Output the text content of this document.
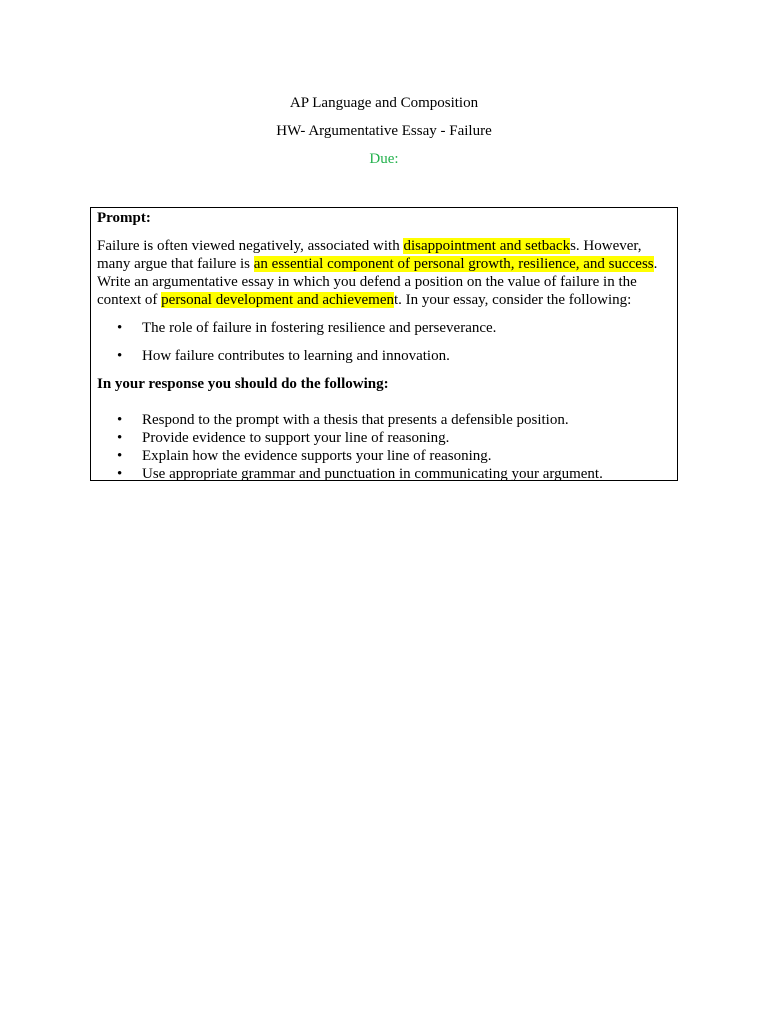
AP Language and Composition
HW- Argumentative Essay - Failure
Due:
Prompt:

Failure is often viewed negatively, associated with disappointment and setbacks. However, many argue that failure is an essential component of personal growth, resilience, and success. Write an argumentative essay in which you defend a position on the value of failure in the context of personal development and achievement. In your essay, consider the following:

• The role of failure in fostering resilience and perseverance.
• How failure contributes to learning and innovation.
In your response you should do the following:
• Respond to the prompt with a thesis that presents a defensible position.
• Provide evidence to support your line of reasoning.
• Explain how the evidence supports your line of reasoning.
• Use appropriate grammar and punctuation in communicating your argument.
